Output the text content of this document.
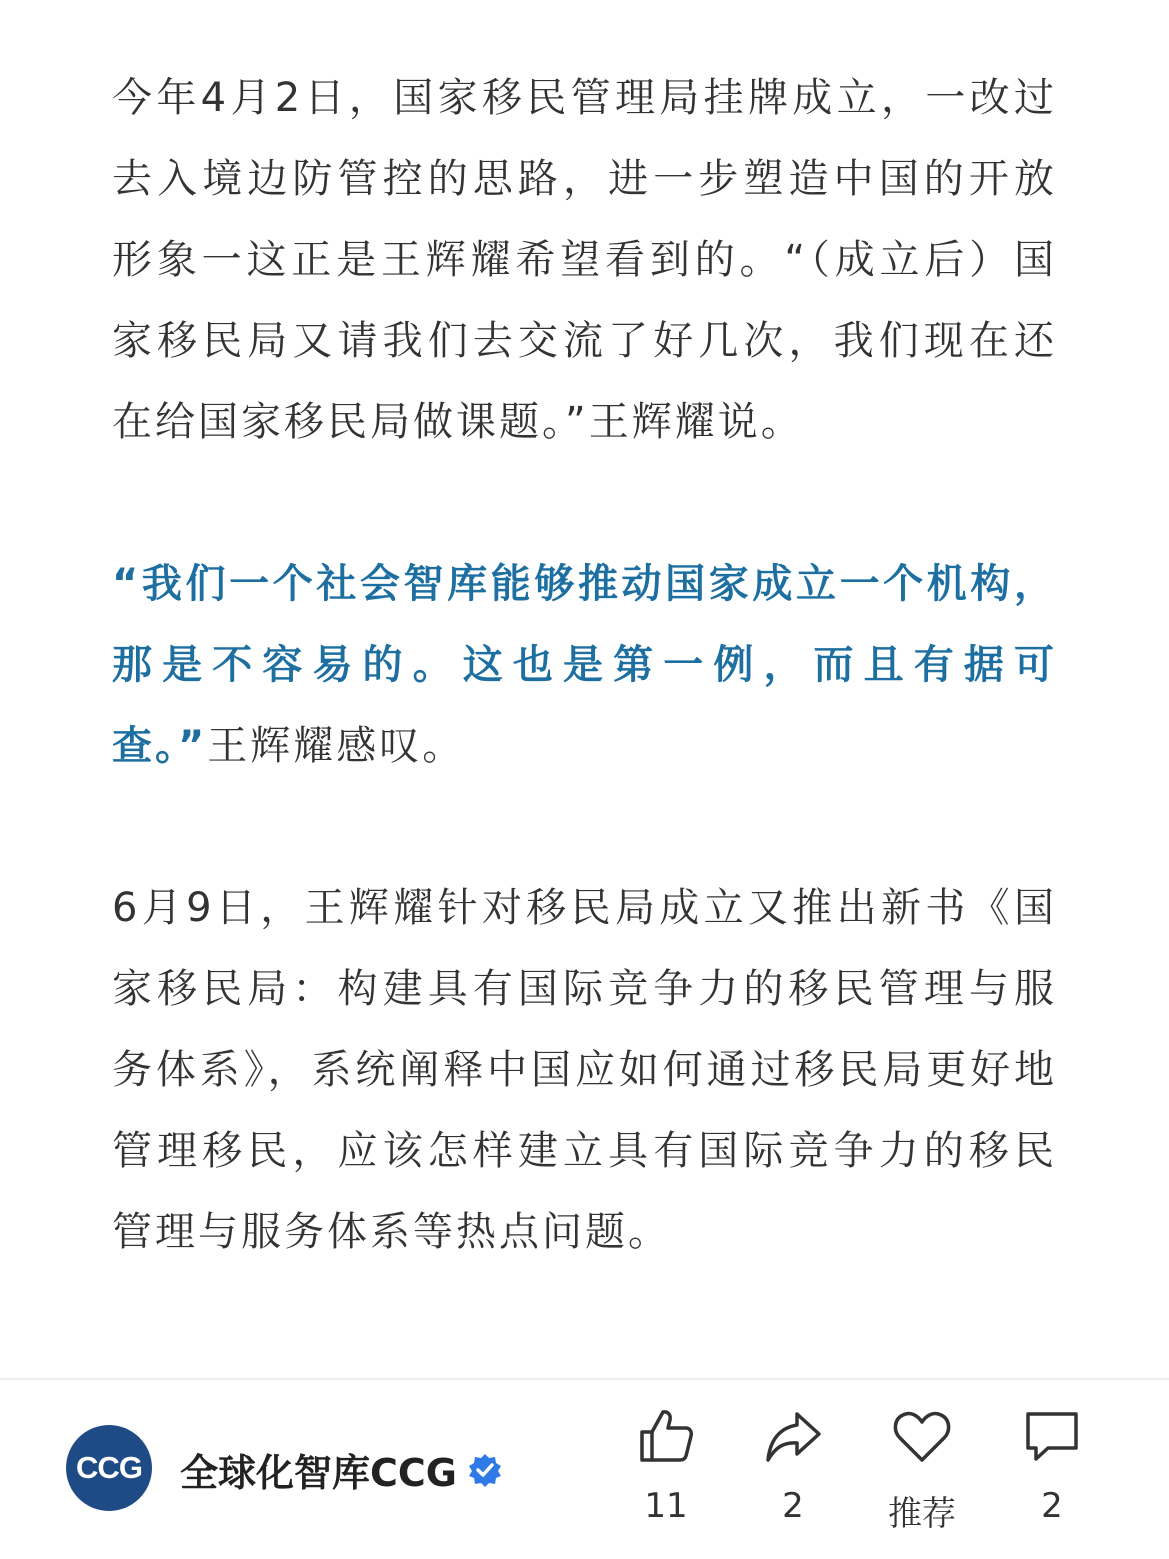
今年4月2日，国家移民管理局挂牌成立，一改过去入境边防管控的思路，进一步塑造中国的开放形象一这正是王辉耀希望看到的。“（成立后）国家移民局又请我们去交流了好几次，我们现在还在给国家移民局做课题。”王辉耀说。

“我们一个社会智库能够推动国家成立一个机构，那是不容易的。这也是第一例，而且有据可查。”王辉耀感叹。

6月9日，王辉耀针对移民局成立又推出新书《国家移民局：构建具有国际竞争力的移民管理与服务体系》，系统阐释中国应如何通过移民局更好地管理移民，应该怎样建立具有国际竞争力的移民管理与服务体系等热点问题。

CCG 全球化智库CCG
11	2	推荐	2
